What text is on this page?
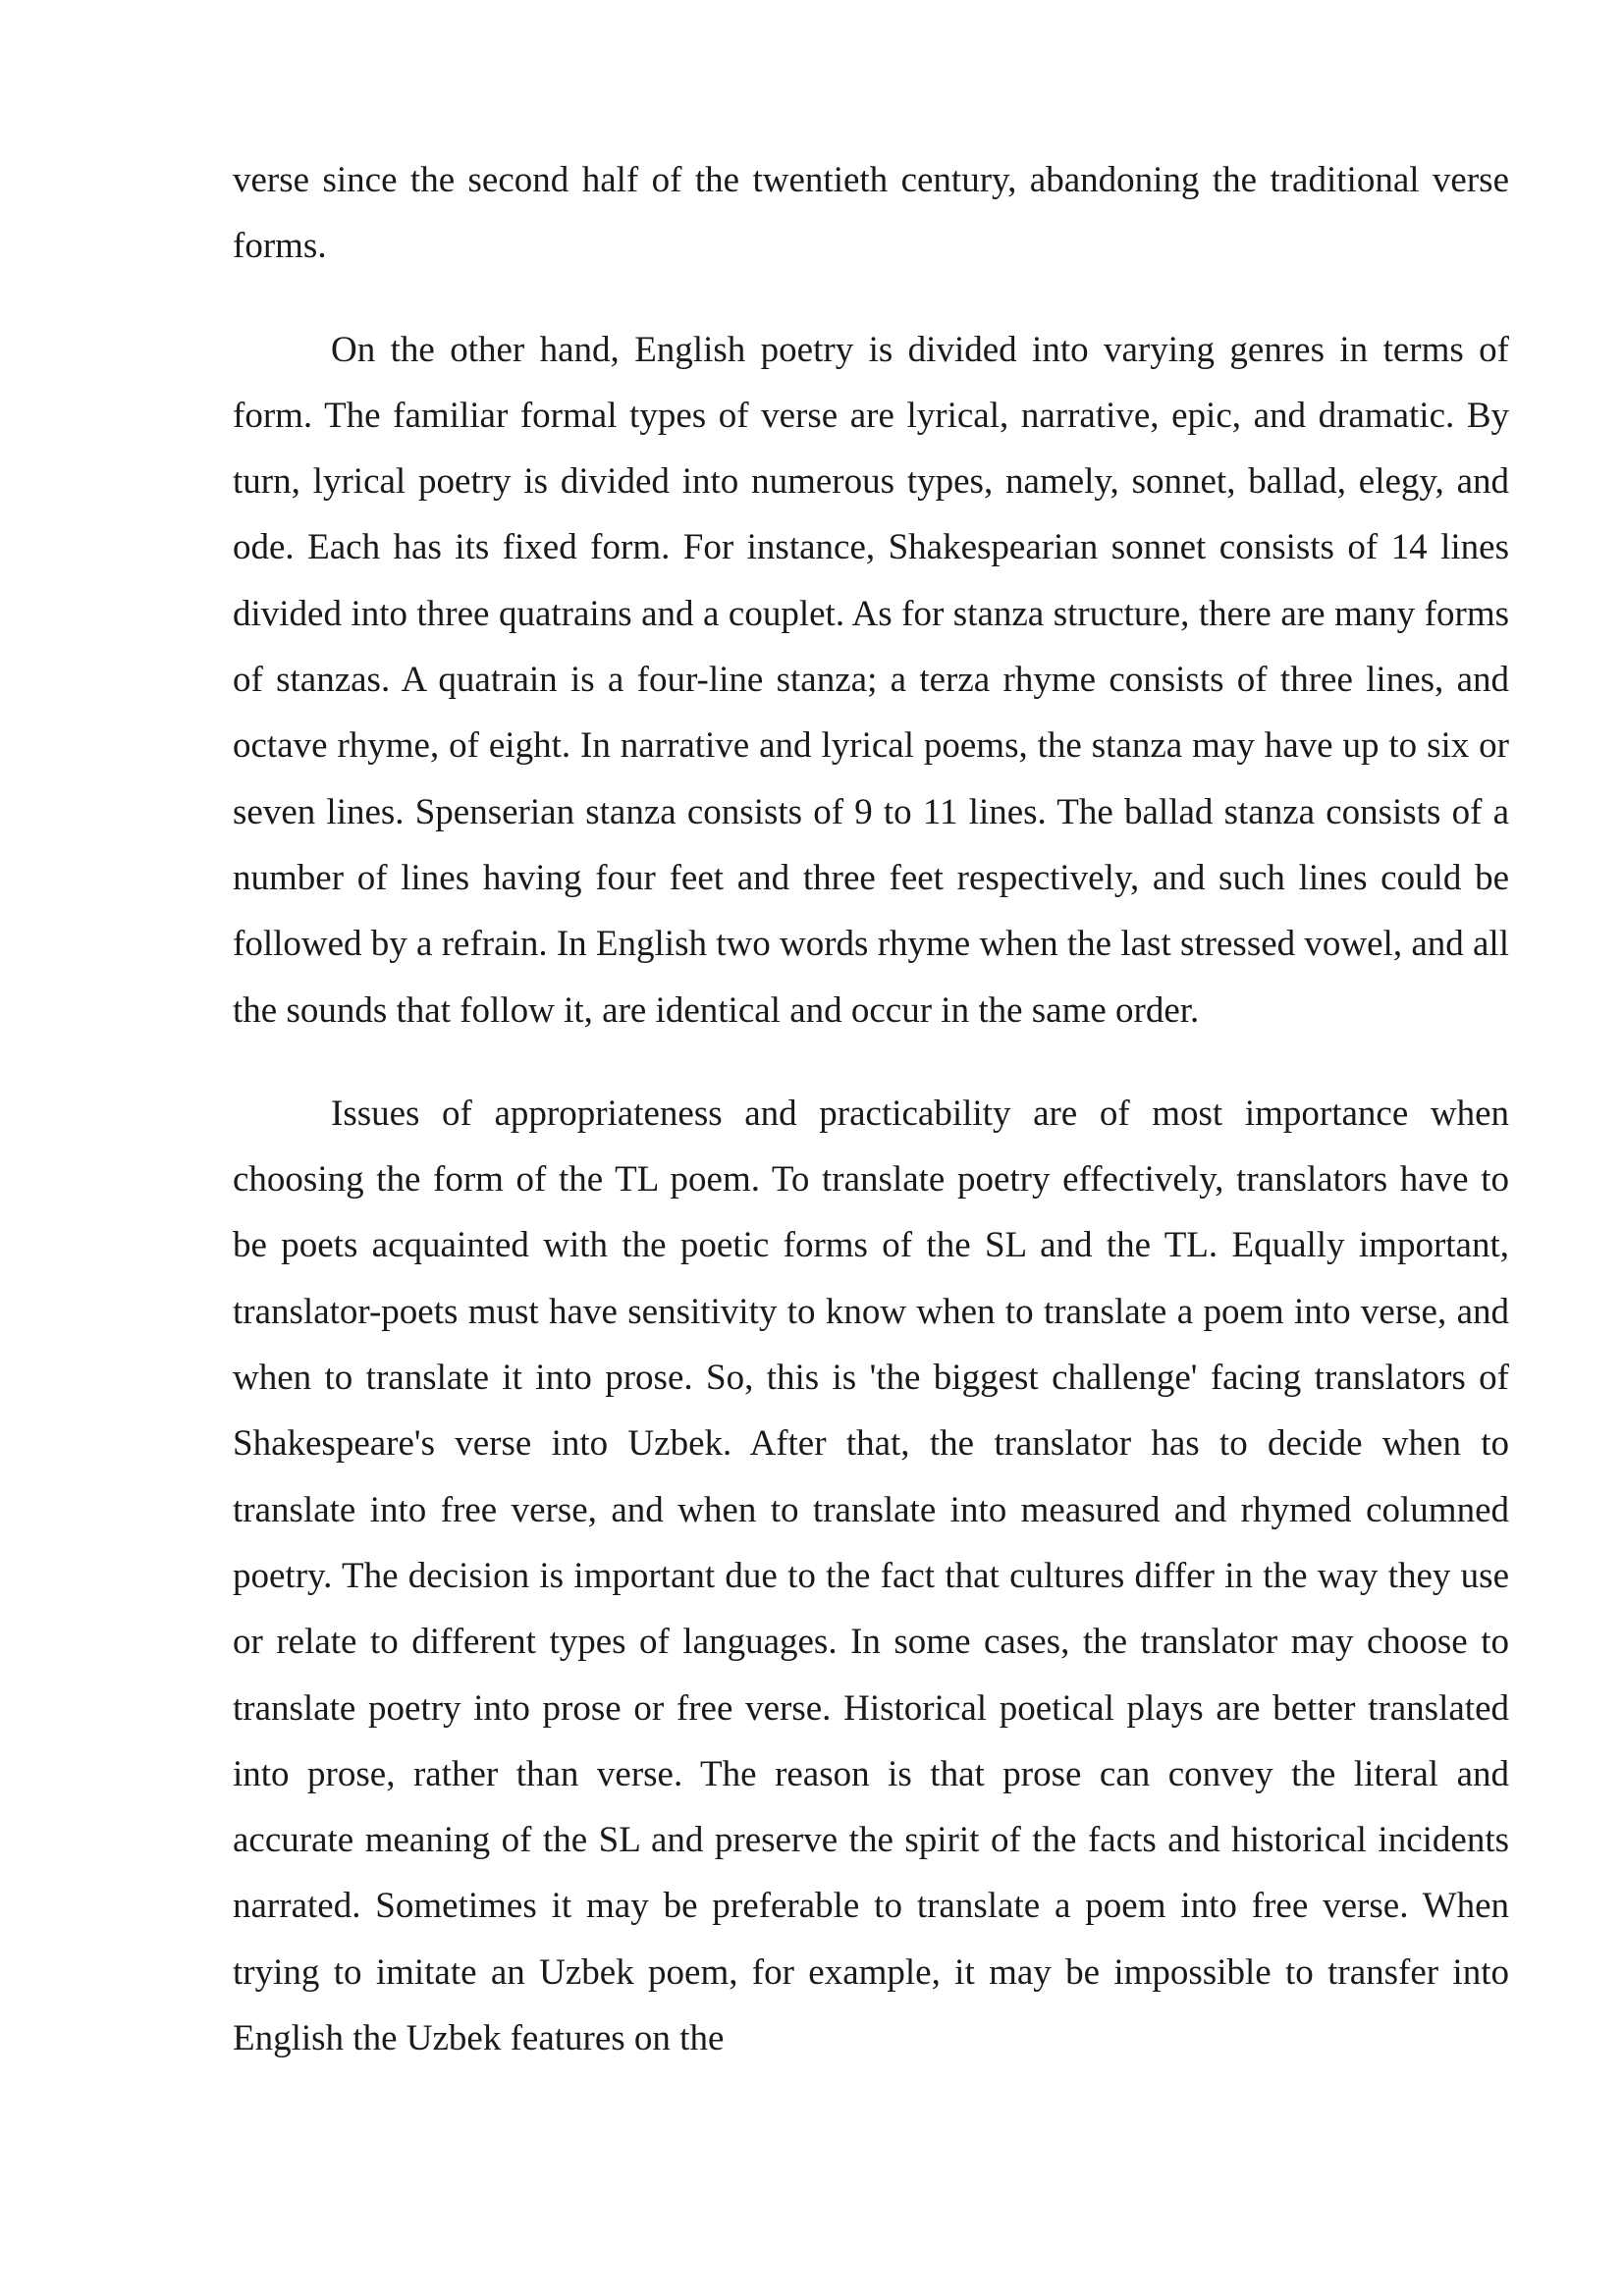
verse since the second half of the twentieth century, abandoning the traditional verse forms.

On the other hand, English poetry is divided into varying genres in terms of form. The familiar formal types of verse are lyrical, narrative, epic, and dramatic. By turn, lyrical poetry is divided into numerous types, namely, sonnet, ballad, elegy, and ode. Each has its fixed form. For instance, Shakespearian sonnet consists of 14 lines divided into three quatrains and a couplet. As for stanza structure, there are many forms of stanzas. A quatrain is a four-line stanza; a terza rhyme consists of three lines, and octave rhyme, of eight. In narrative and lyrical poems, the stanza may have up to six or seven lines. Spenserian stanza consists of 9 to 11 lines. The ballad stanza consists of a number of lines having four feet and three feet respectively, and such lines could be followed by a refrain. In English two words rhyme when the last stressed vowel, and all the sounds that follow it, are identical and occur in the same order.

Issues of appropriateness and practicability are of most importance when choosing the form of the TL poem. To translate poetry effectively, translators have to be poets acquainted with the poetic forms of the SL and the TL. Equally important, translator-poets must have sensitivity to know when to translate a poem into verse, and when to translate it into prose. So, this is 'the biggest challenge' facing translators of Shakespeare's verse into Uzbek. After that, the translator has to decide when to translate into free verse, and when to translate into measured and rhymed columned poetry. The decision is important due to the fact that cultures differ in the way they use or relate to different types of languages. In some cases, the translator may choose to translate poetry into prose or free verse. Historical poetical plays are better translated into prose, rather than verse. The reason is that prose can convey the literal and accurate meaning of the SL and preserve the spirit of the facts and historical incidents narrated. Sometimes it may be preferable to translate a poem into free verse. When trying to imitate an Uzbek poem, for example, it may be impossible to transfer into English the Uzbek features on the
